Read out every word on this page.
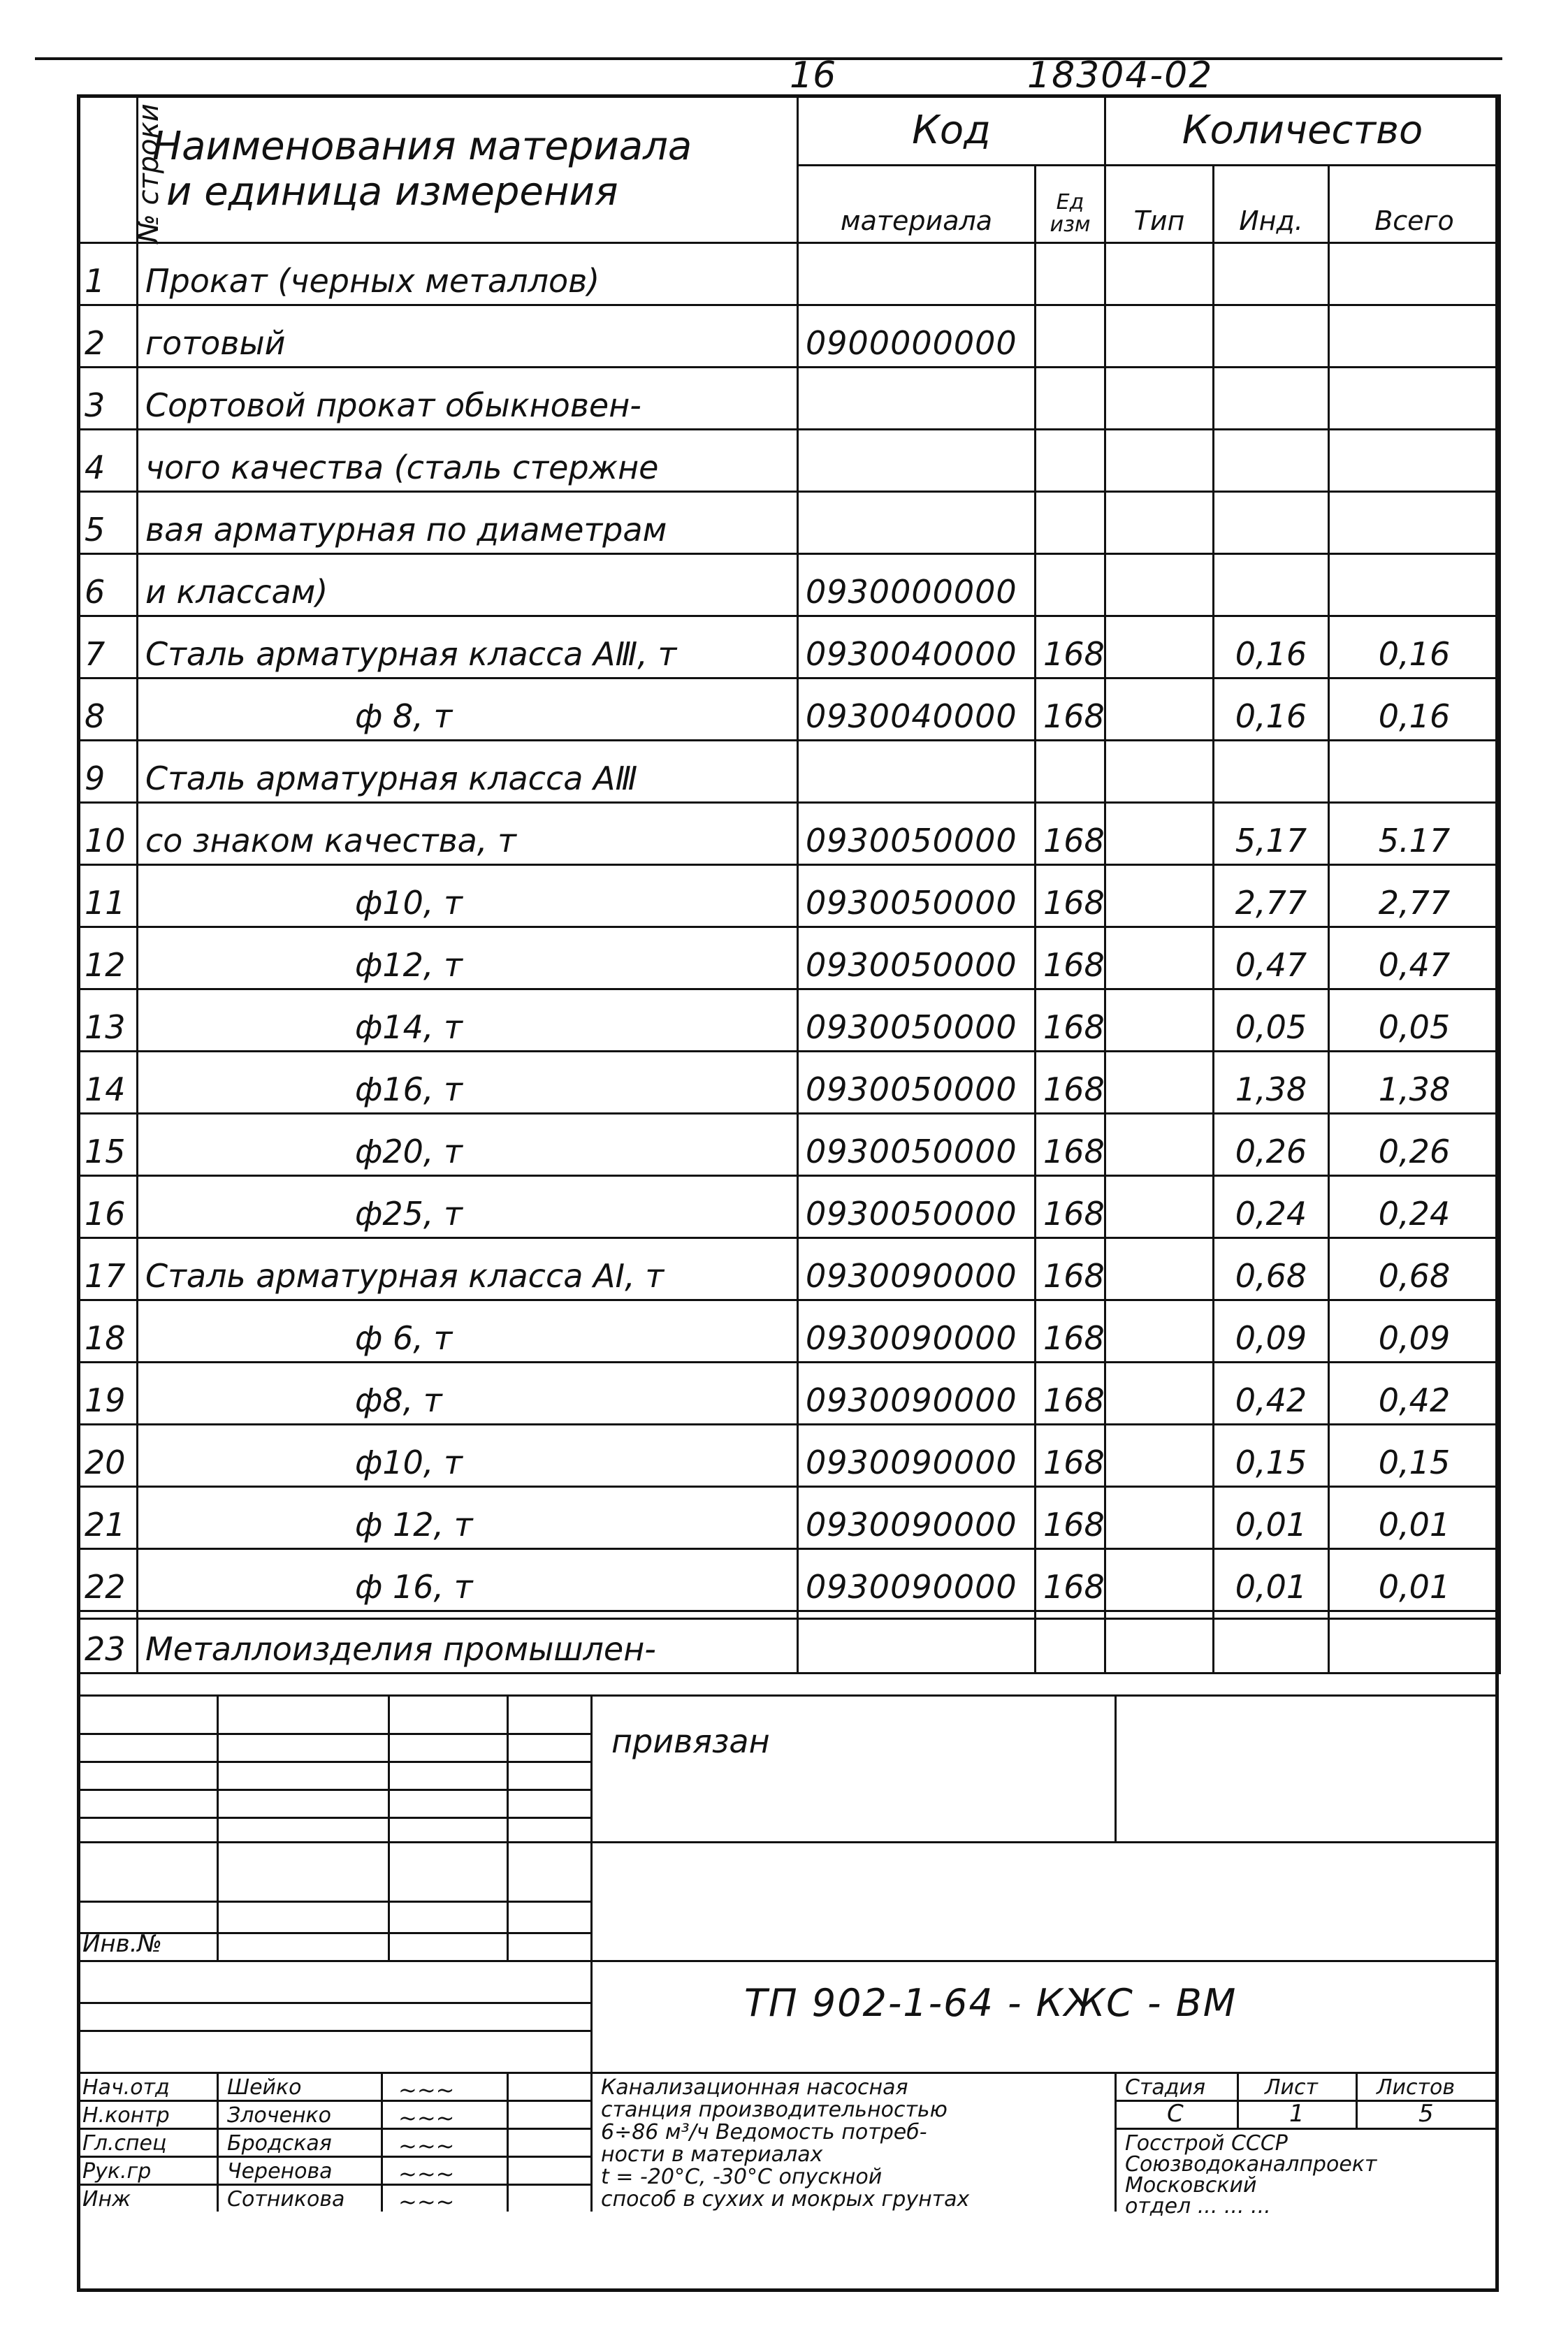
16	18304-02
№ строки	Наименования материала
и единица измерения	Код		Количество		
		материала	Ед изм	Тип	Инд.	Всего
1	Прокат (черных металлов)					
2	готовый	0900000000				
3	Сортовой прокат обыкновен-					
4	чого качества (сталь стержне					
5	вая арматурная по диаметрам					
6	и классам)	0930000000				
7	Сталь арматурная класса АⅢ, т	0930040000	168		0,16	0,16
8	ф 8, т	0930040000	168		0,16	0,16
9	Сталь арматурная класса АⅢ					
10	со знаком качества, т	0930050000	168		5,17	5.17
11	ф10, т	0930050000	168		2,77	2,77
12	ф12, т	0930050000	168		0,47	0,47
13	ф14, т	0930050000	168		0,05	0,05
14	ф16, т	0930050000	168		1,38	1,38
15	ф20, т	0930050000	168		0,26	0,26
16	ф25, т	0930050000	168		0,24	0,24
17	Сталь арматурная класса АⅠ, т	0930090000	168		0,68	0,68
18	ф 6, т	0930090000	168		0,09	0,09
19	ф8, т	0930090000	168		0,42	0,42
20	ф10, т	0930090000	168		0,15	0,15
21	ф 12, т	0930090000	168		0,01	0,01
22	ф 16, т	0930090000	168		0,01	0,01
23	Металлоизделия промышлен-					
привязан
Инв.№
ТП 902-1-64 - КЖС - ВМ
Нач.отд	Шейко	~~~
Н.контр	Злоченко	~~~
Гл.спец	Бродская	~~~
Рук.гр	Черенова	~~~
Инж	Сотникова ~~~
Канализационная насосная
станция производительностью
6÷86 м³/ч Ведомость потреб-
ности в материалах
t = -20°С, -30°С опускной
способ в сухих и мокрых грунтах
Стадия	Лист	Листов
С	1	5
Госстрой СССР
Союзводоканалпроект
Московский
отдел ... ... ...
